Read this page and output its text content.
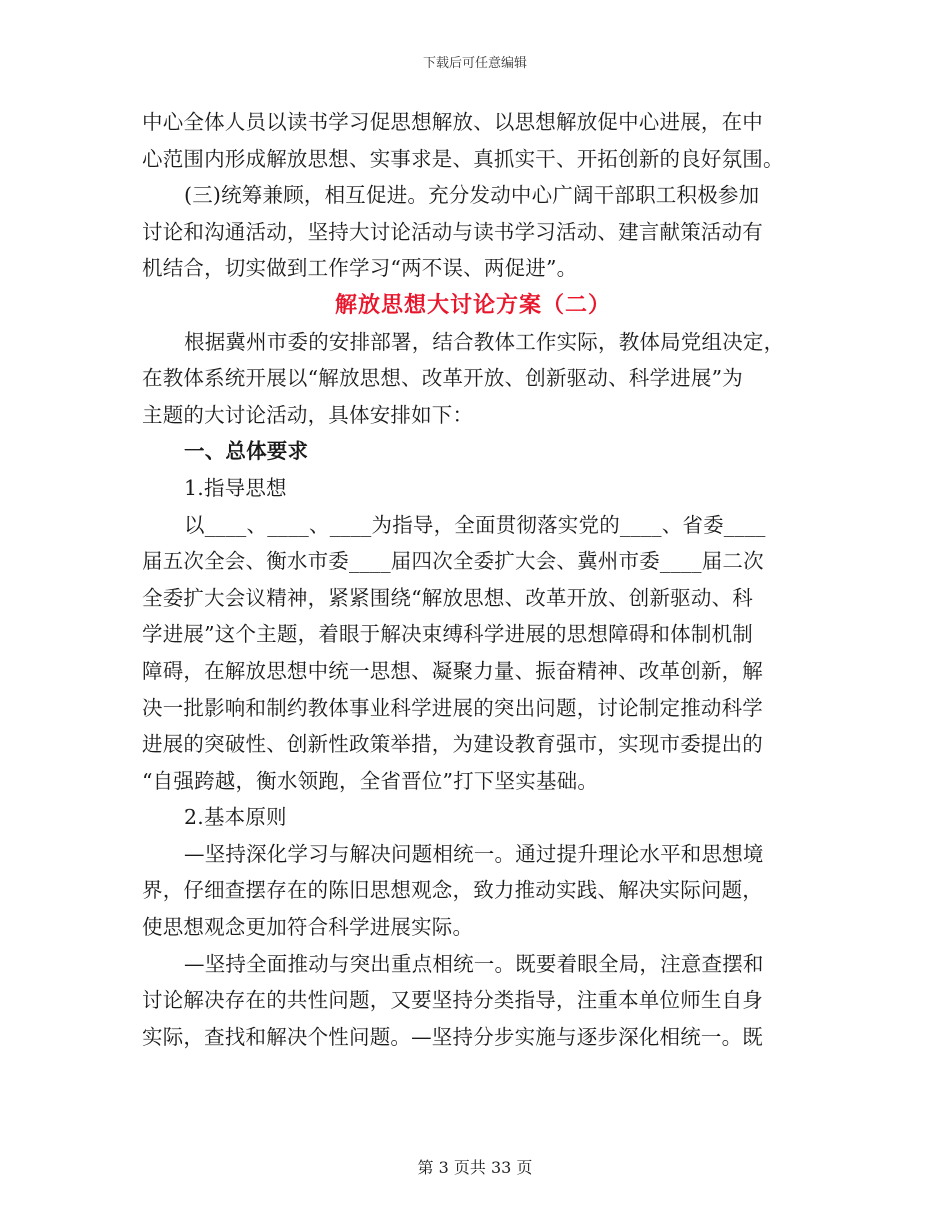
下载后可任意编辑
中心全体人员以读书学习促思想解放、以思想解放促中心进展，在中
心范围内形成解放思想、实事求是、真抓实干、开拓创新的良好氛围。
(三)统筹兼顾，相互促进。充分发动中心广阔干部职工积极参加
讨论和沟通活动，坚持大讨论活动与读书学习活动、建言献策活动有
机结合，切实做到工作学习“两不误、两促进”。
解放思想大讨论方案（二）
根据冀州市委的安排部署，结合教体工作实际，教体局党组决定，
在教体系统开展以“解放思想、改革开放、创新驱动、科学进展”为
主题的大讨论活动，具体安排如下：
一、总体要求
1.指导思想
以____、____、____为指导，全面贯彻落实党的____、省委____
届五次全会、衡水市委____届四次全委扩大会、冀州市委____届二次
全委扩大会议精神，紧紧围绕“解放思想、改革开放、创新驱动、科
学进展”这个主题，着眼于解决束缚科学进展的思想障碍和体制机制
障碍，在解放思想中统一思想、凝聚力量、振奋精神、改革创新，解
决一批影响和制约教体事业科学进展的突出问题，讨论制定推动科学
进展的突破性、创新性政策举措，为建设教育强市，实现市委提出的
“自强跨越，衡水领跑，全省晋位”打下坚实基础。
2.基本原则
—坚持深化学习与解决问题相统一。通过提升理论水平和思想境
界，仔细查摆存在的陈旧思想观念，致力推动实践、解决实际问题，
使思想观念更加符合科学进展实际。
—坚持全面推动与突出重点相统一。既要着眼全局，注意查摆和
讨论解决存在的共性问题，又要坚持分类指导，注重本单位师生自身
实际，查找和解决个性问题。—坚持分步实施与逐步深化相统一。既
第 3 页共 33 页
